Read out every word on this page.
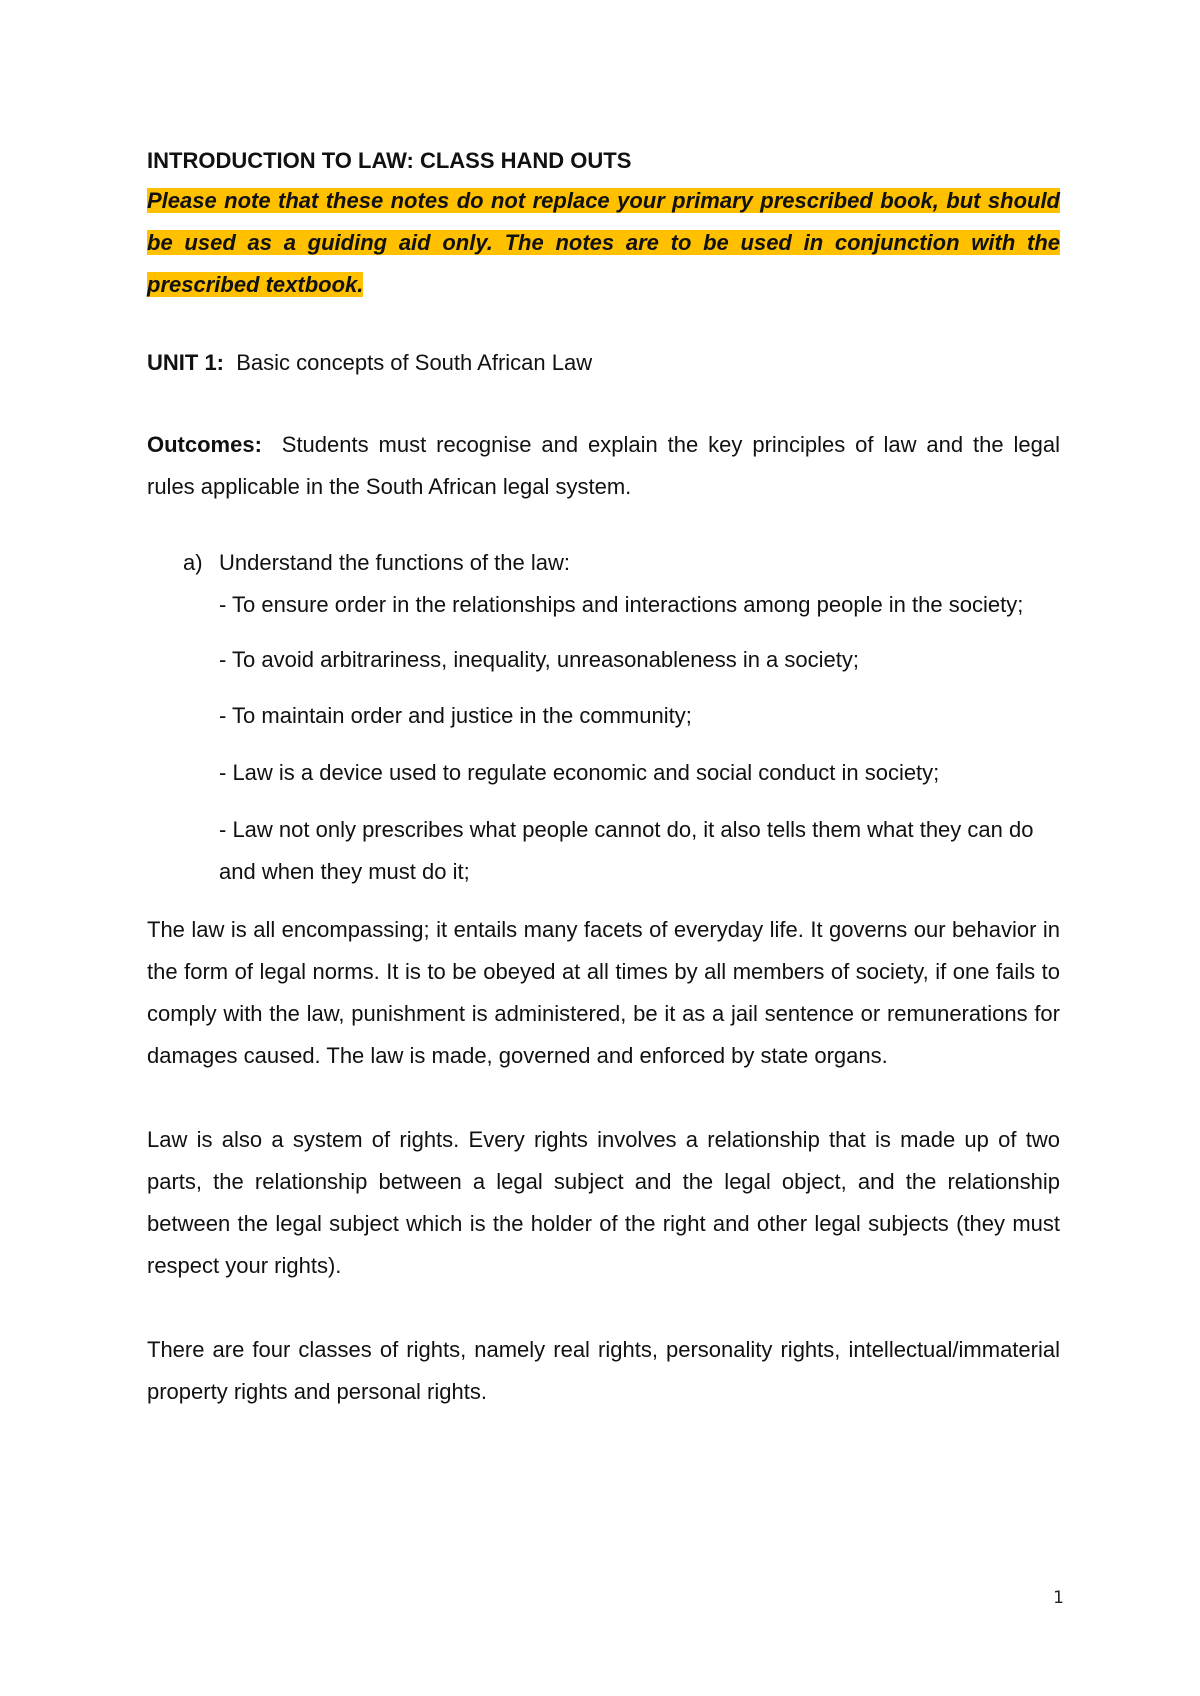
INTRODUCTION TO LAW: CLASS HAND OUTS

Please note that these notes do not replace your primary prescribed book, but should be used as a guiding aid only. The notes are to be used in conjunction with the prescribed textbook.

UNIT 1: Basic concepts of South African Law
Outcomes: Students must recognise and explain the key principles of law and the legal rules applicable in the South African legal system.
a) Understand the functions of the law:
- To ensure order in the relationships and interactions among people in the society;
- To avoid arbitrariness, inequality, unreasonableness in a society;
- To maintain order and justice in the community;
- Law is a device used to regulate economic and social conduct in society;
- Law not only prescribes what people cannot do, it also tells them what they can do and when they must do it;

The law is all encompassing; it entails many facets of everyday life. It governs our behavior in the form of legal norms. It is to be obeyed at all times by all members of society, if one fails to comply with the law, punishment is administered, be it as a jail sentence or remunerations for damages caused. The law is made, governed and enforced by state organs.

Law is also a system of rights. Every rights involves a relationship that is made up of two parts, the relationship between a legal subject and the legal object, and the relationship between the legal subject which is the holder of the right and other legal subjects (they must respect your rights).

There are four classes of rights, namely real rights, personality rights, intellectual/immaterial property rights and personal rights.

1
